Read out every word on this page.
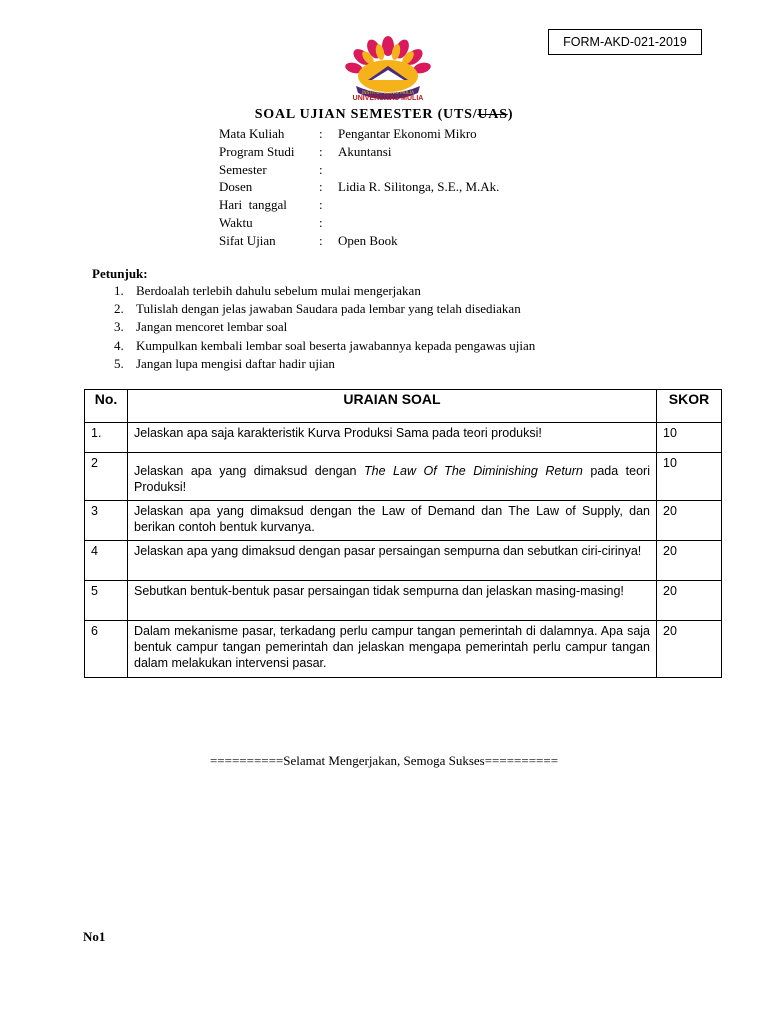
FORM-AKD-021-2019
INSTITUT BISNIS MULIA
UNIVERSITAS MULIA
SOAL UJIAN SEMESTER (UTS/UAS)
Mata Kuliah	:	Pengantar Ekonomi Mikro
Program Studi	:	Akuntansi
Semester	:
Dosen	:	Lidia R. Silitonga, S.E., M.Ak.
Hari  tanggal	:
Waktu	:
Sifat Ujian	:	Open Book
Petunjuk:
1. Berdoalah terlebih dahulu sebelum mulai mengerjakan
2. Tulislah dengan jelas jawaban Saudara pada lembar yang telah disediakan
3. Jangan mencoret lembar soal
4. Kumpulkan kembali lembar soal beserta jawabannya kepada pengawas ujian
5. Jangan lupa mengisi daftar hadir ujian
No.	URAIAN SOAL	SKOR
1.	Jelaskan apa saja karakteristik Kurva Produksi Sama pada teori produksi!	10
2	Jelaskan apa yang dimaksud dengan The Law Of The Diminishing Return pada teori Produksi!	10
3	Jelaskan apa yang dimaksud dengan the Law of Demand dan The Law of Supply, dan berikan contoh bentuk kurvanya.	20
4	Jelaskan apa yang dimaksud dengan pasar persaingan sempurna dan sebutkan ciri-cirinya!	20
5	Sebutkan bentuk-bentuk pasar persaingan tidak sempurna dan jelaskan masing-masing!	20
6	Dalam mekanisme pasar, terkadang perlu campur tangan pemerintah di dalamnya. Apa saja bentuk campur tangan pemerintah dan jelaskan mengapa pemerintah perlu campur tangan dalam melakukan intervensi pasar.	20
==========Selamat Mengerjakan, Semoga Sukses==========
No1
